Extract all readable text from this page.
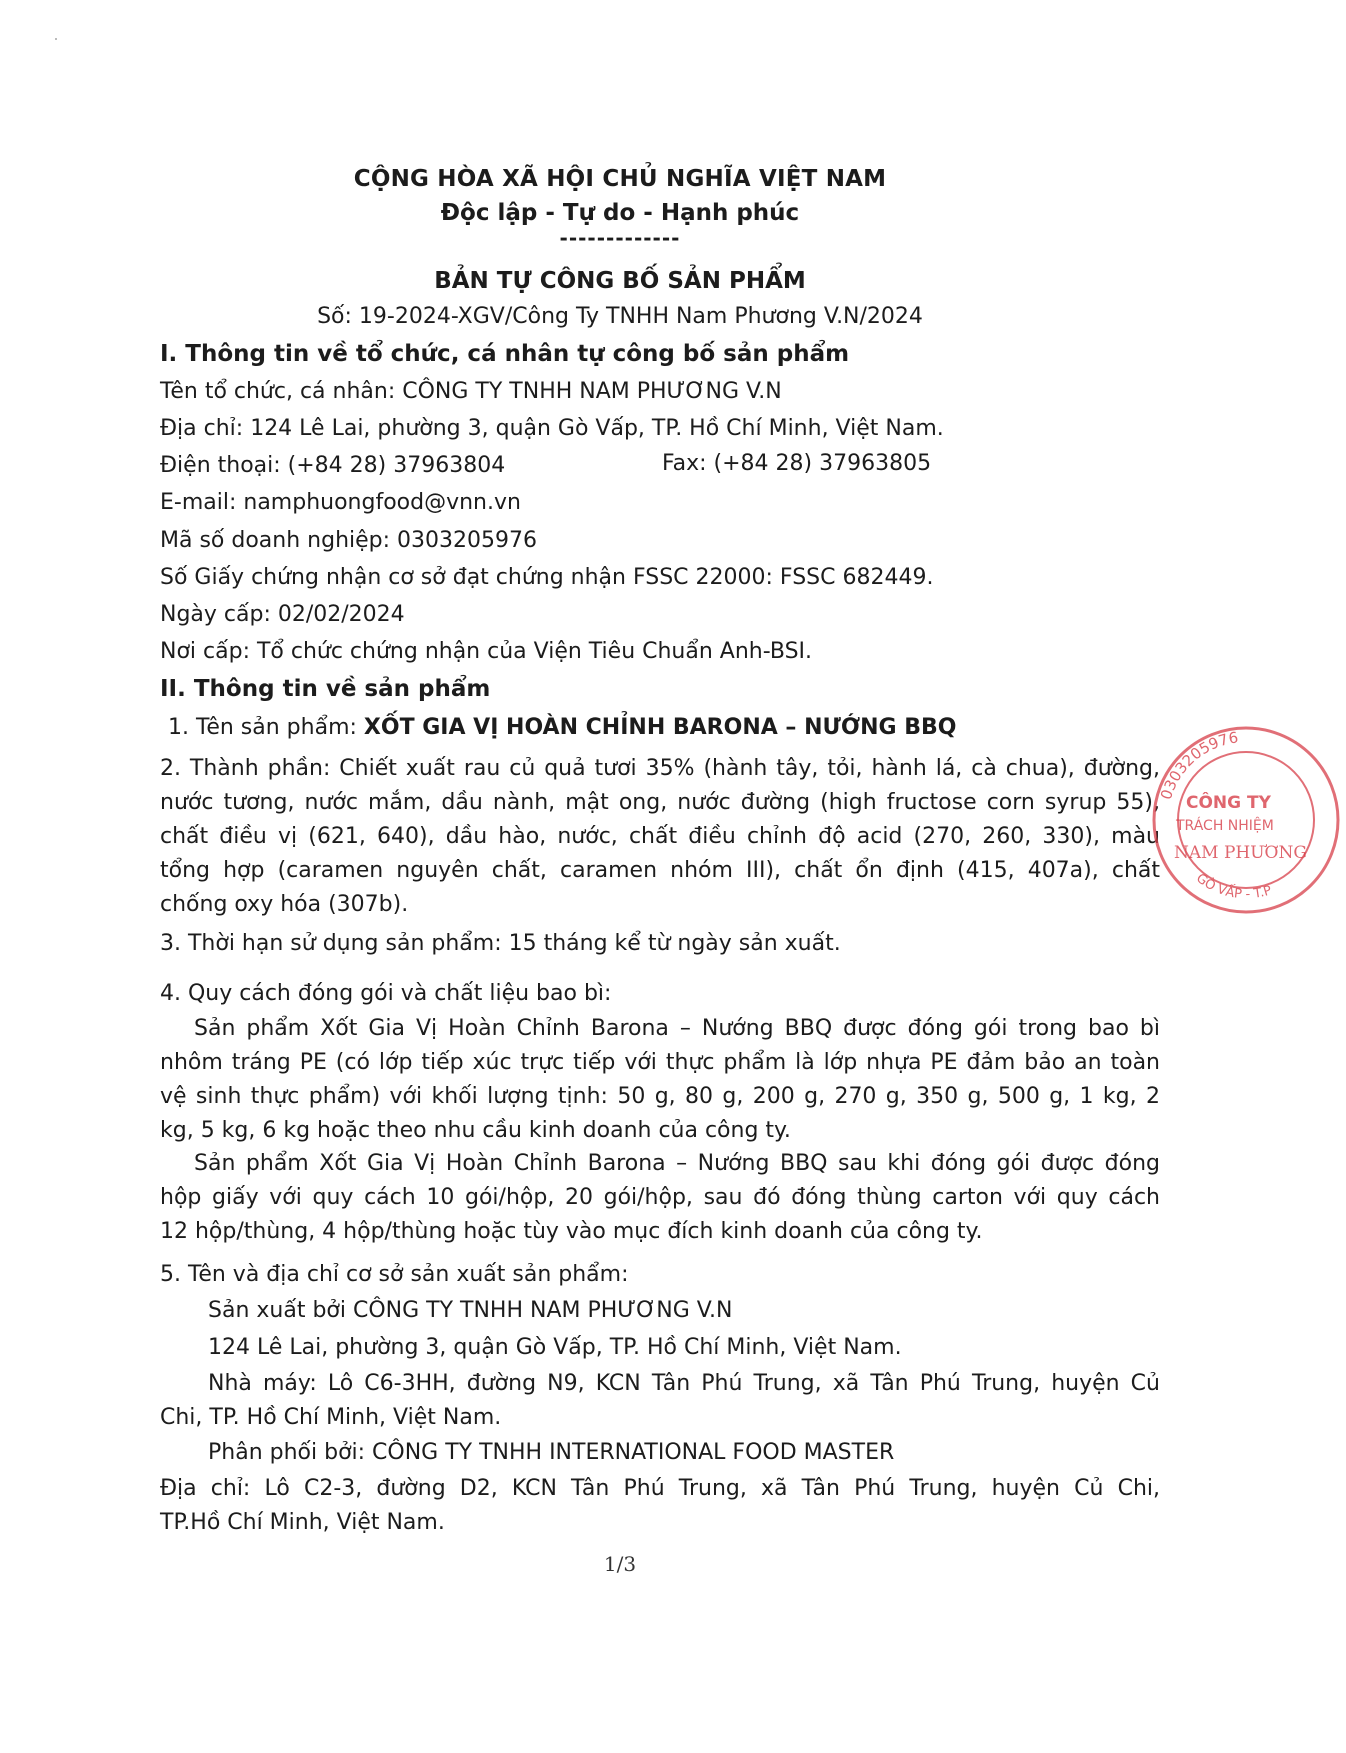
CỘNG HÒA XÃ HỘI CHỦ NGHĨA VIỆT NAM
Độc lập - Tự do - Hạnh phúc
-------------
BẢN TỰ CÔNG BỐ SẢN PHẨM
Số: 19-2024-XGV/Công Ty TNHH Nam Phương V.N/2024
I. Thông tin về tổ chức, cá nhân tự công bố sản phẩm
Tên tổ chức, cá nhân: CÔNG TY TNHH NAM PHƯƠNG V.N
Địa chỉ: 124 Lê Lai, phường 3, quận Gò Vấp, TP. Hồ Chí Minh, Việt Nam.
Điện thoại: (+84 28) 37963804	Fax: (+84 28) 37963805
E-mail: namphuongfood@vnn.vn
Mã số doanh nghiệp: 0303205976
Số Giấy chứng nhận cơ sở đạt chứng nhận FSSC 22000: FSSC 682449.
Ngày cấp: 02/02/2024
Nơi cấp: Tổ chức chứng nhận của Viện Tiêu Chuẩn Anh-BSI.
II. Thông tin về sản phẩm
1. Tên sản phẩm: XỐT GIA VỊ HOÀN CHỈNH BARONA – NƯỚNG BBQ
2. Thành phần: Chiết xuất rau củ quả tươi 35% (hành tây, tỏi, hành lá, cà chua), đường,
nước tương, nước mắm, dầu nành, mật ong, nước đường (high fructose corn syrup 55),
chất điều vị (621, 640), dầu hào, nước, chất điều chỉnh độ acid (270, 260, 330), màu
tổng hợp (caramen nguyên chất, caramen nhóm III), chất ổn định (415, 407a), chất
chống oxy hóa (307b).
3. Thời hạn sử dụng sản phẩm: 15 tháng kể từ ngày sản xuất.
4. Quy cách đóng gói và chất liệu bao bì:
Sản phẩm Xốt Gia Vị Hoàn Chỉnh Barona – Nướng BBQ được đóng gói trong bao bì
nhôm tráng PE (có lớp tiếp xúc trực tiếp với thực phẩm là lớp nhựa PE đảm bảo an toàn
vệ sinh thực phẩm) với khối lượng tịnh: 50 g, 80 g, 200 g, 270 g, 350 g, 500 g, 1 kg, 2
kg, 5 kg, 6 kg hoặc theo nhu cầu kinh doanh của công ty.
Sản phẩm Xốt Gia Vị Hoàn Chỉnh Barona – Nướng BBQ sau khi đóng gói được đóng
hộp giấy với quy cách 10 gói/hộp, 20 gói/hộp, sau đó đóng thùng carton với quy cách
12 hộp/thùng, 4 hộp/thùng hoặc tùy vào mục đích kinh doanh của công ty.
5. Tên và địa chỉ cơ sở sản xuất sản phẩm:
Sản xuất bởi CÔNG TY TNHH NAM PHƯƠNG V.N
124 Lê Lai, phường 3, quận Gò Vấp, TP. Hồ Chí Minh, Việt Nam.
Nhà máy: Lô C6-3HH, đường N9, KCN Tân Phú Trung, xã Tân Phú Trung, huyện Củ
Chi, TP. Hồ Chí Minh, Việt Nam.
Phân phối bởi: CÔNG TY TNHH INTERNATIONAL FOOD MASTER
Địa chỉ: Lô C2-3, đường D2, KCN Tân Phú Trung, xã Tân Phú Trung, huyện Củ Chi,
TP.Hồ Chí Minh, Việt Nam.
1/3
0303205976
CÔNG TY
TRÁCH NHIỆM
NAM PHƯƠNG
GÒ VẤP - T.P
